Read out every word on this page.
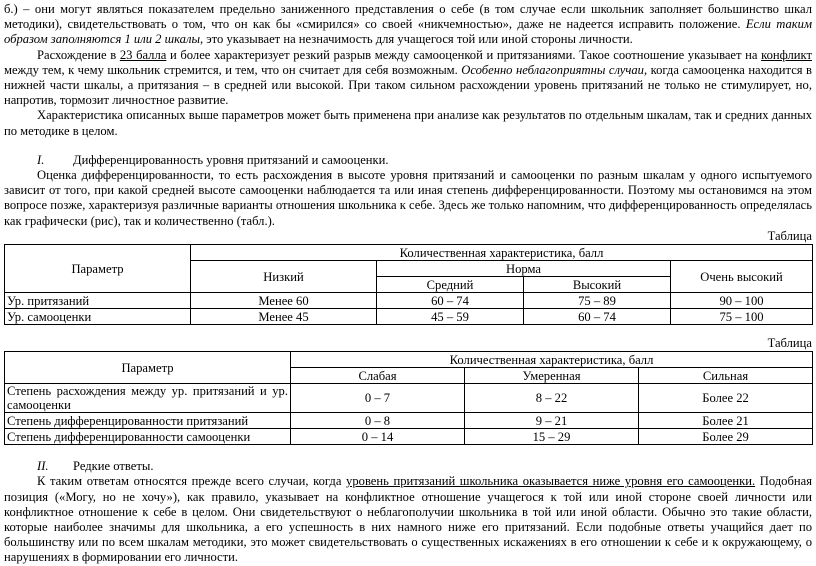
б.) – они могут являться показателем предельно заниженного представления о себе (в том случае если школьник заполняет большинство шкал методики), свидетельствовать о том, что он как бы «смирился» со своей «никчемностью», даже не надеется исправить положение. Если таким образом заполняются 1 или 2 шкалы, это указывает на незначимость для учащегося той или иной стороны личности.

Расхождение в 23 балла и более характеризует резкий разрыв между самооценкой и притязаниями. Такое соотношение указывает на конфликт между тем, к чему школьник стремится, и тем, что он считает для себя возможным. Особенно неблагоприятны случаи, когда самооценка находится в нижней части шкалы, а притязания – в средней или высокой. При таком сильном расхождении уровень притязаний не только не стимулирует, но, напротив, тормозит личностное развитие.

Характеристика описанных выше параметров может быть применена при анализе как результатов по отдельным шкалам, так и средних данных по методике в целом.

I. Дифференцированность уровня притязаний и самооценки.

Оценка дифференцированности, то есть расхождения в высоте уровня притязаний и самооценки по разным шкалам у одного испытуемого зависит от того, при какой средней высоте самооценки наблюдается та или иная степень дифференцированности. Поэтому мы остановимся на этом вопросе позже, характеризуя различные варианты отношения школьника к себе. Здесь же только напомним, что дифференцированность определялась как графически (рис), так и количественно (табл.).

Таблица

Параметр	Количественная характеристика, балл			
	Низкий	Норма		Очень высокий
		Средний	Высокий	
Ур. притязаний	Менее 60	60 – 74	75 – 89	90 – 100
Ур. самооценки	Менее 45	45 – 59	60 – 74	75 – 100

Таблица

Параметр	Количественная характеристика, балл		
	Слабая	Умеренная	Сильная
Степень расхождения между ур. притязаний и ур. самооценки	0 – 7	8 – 22	Более 22
Степень дифференцированности притязаний	0 – 8	9 – 21	Более 21
Степень дифференцированности самооценки	0 – 14	15 – 29	Более 29

II. Редкие ответы.

К таким ответам относятся прежде всего случаи, когда уровень притязаний школьника оказывается ниже уровня его самооценки. Подобная позиция («Могу, но не хочу»), как правило, указывает на конфликтное отношение учащегося к той или иной стороне своей личности или конфликтное отношение к себе в целом. Они свидетельствуют о неблагополучии школьника в той или иной области. Обычно это такие области, которые наиболее значимы для школьника, а его успешность в них намного ниже его притязаний. Если подобные ответы учащийся дает по большинству или по всем шкалам методики, это может свидетельствовать о существенных искажениях в его отношении к себе и к окружающему, о нарушениях в формировании его личности.
